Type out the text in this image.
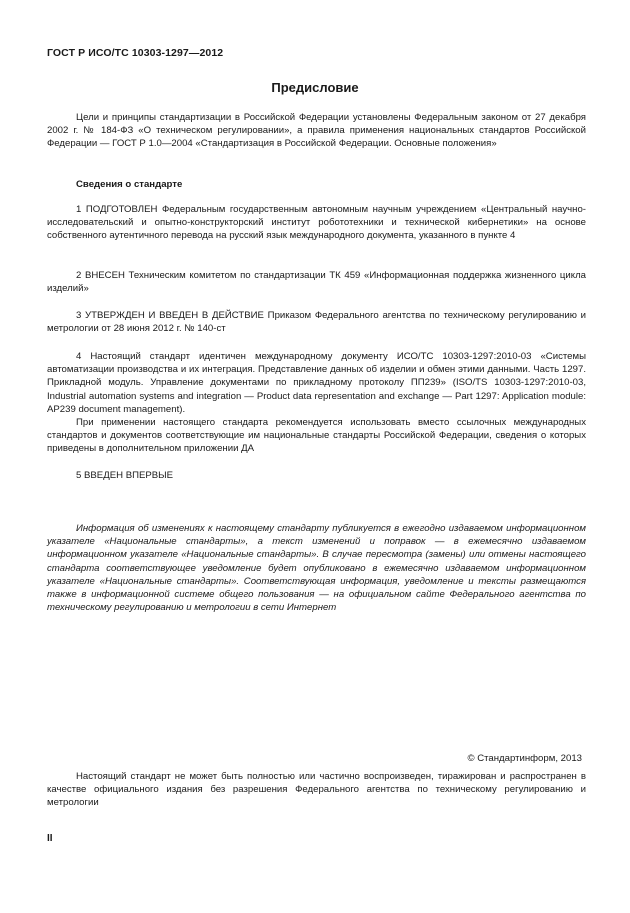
ГОСТ Р ИСО/ТС 10303-1297—2012
Предисловие

Цели и принципы стандартизации в Российской Федерации установлены Федеральным законом от 27 декабря 2002 г. № 184-ФЗ «О техническом регулировании», а правила применения национальных стандартов Российской Федерации — ГОСТ Р 1.0—2004 «Стандартизация в Российской Федерации. Основные положения»

Сведения о стандарте

1 ПОДГОТОВЛЕН Федеральным государственным автономным научным учреждением «Центральный научно-исследовательский и опытно-конструкторский институт робототехники и технической кибернетики» на основе собственного аутентичного перевода на русский язык международного документа, указанного в пункте 4

2 ВНЕСЕН Техническим комитетом по стандартизации ТК 459 «Информационная поддержка жизненного цикла изделий»

3 УТВЕРЖДЕН И ВВЕДЕН В ДЕЙСТВИЕ Приказом Федерального агентства по техническому регулированию и метрологии от 28 июня 2012 г. № 140-ст

4 Настоящий стандарт идентичен международному документу ИСО/ТС 10303-1297:2010-03 «Системы автоматизации производства и их интеграция. Представление данных об изделии и обмен этими данными. Часть 1297. Прикладной модуль. Управление документами по прикладному протоколу ПП239» (ISO/TS 10303-1297:2010-03, Industrial automation systems and integration — Product data representation and exchange — Part 1297: Application module: AP239 document management).

При применении настоящего стандарта рекомендуется использовать вместо ссылочных международных стандартов и документов соответствующие им национальные стандарты Российской Федерации, сведения о которых приведены в дополнительном приложении ДА

5 ВВЕДЕН ВПЕРВЫЕ

Информация об изменениях к настоящему стандарту публикуется в ежегодно издаваемом информационном указателе «Национальные стандарты», а текст изменений и поправок — в ежемесячно издаваемом информационном указателе «Национальные стандарты». В случае пересмотра (замены) или отмены настоящего стандарта соответствующее уведомление будет опубликовано в ежемесячно издаваемом информационном указателе «Национальные стандарты». Соответствующая информация, уведомление и тексты размещаются также в информационной системе общего пользования — на официальном сайте Федерального агентства по техническому регулированию и метрологии в сети Интернет

© Стандартинформ, 2013

Настоящий стандарт не может быть полностью или частично воспроизведен, тиражирован и распространен в качестве официального издания без разрешения Федерального агентства по техническому регулированию и метрологии

II
